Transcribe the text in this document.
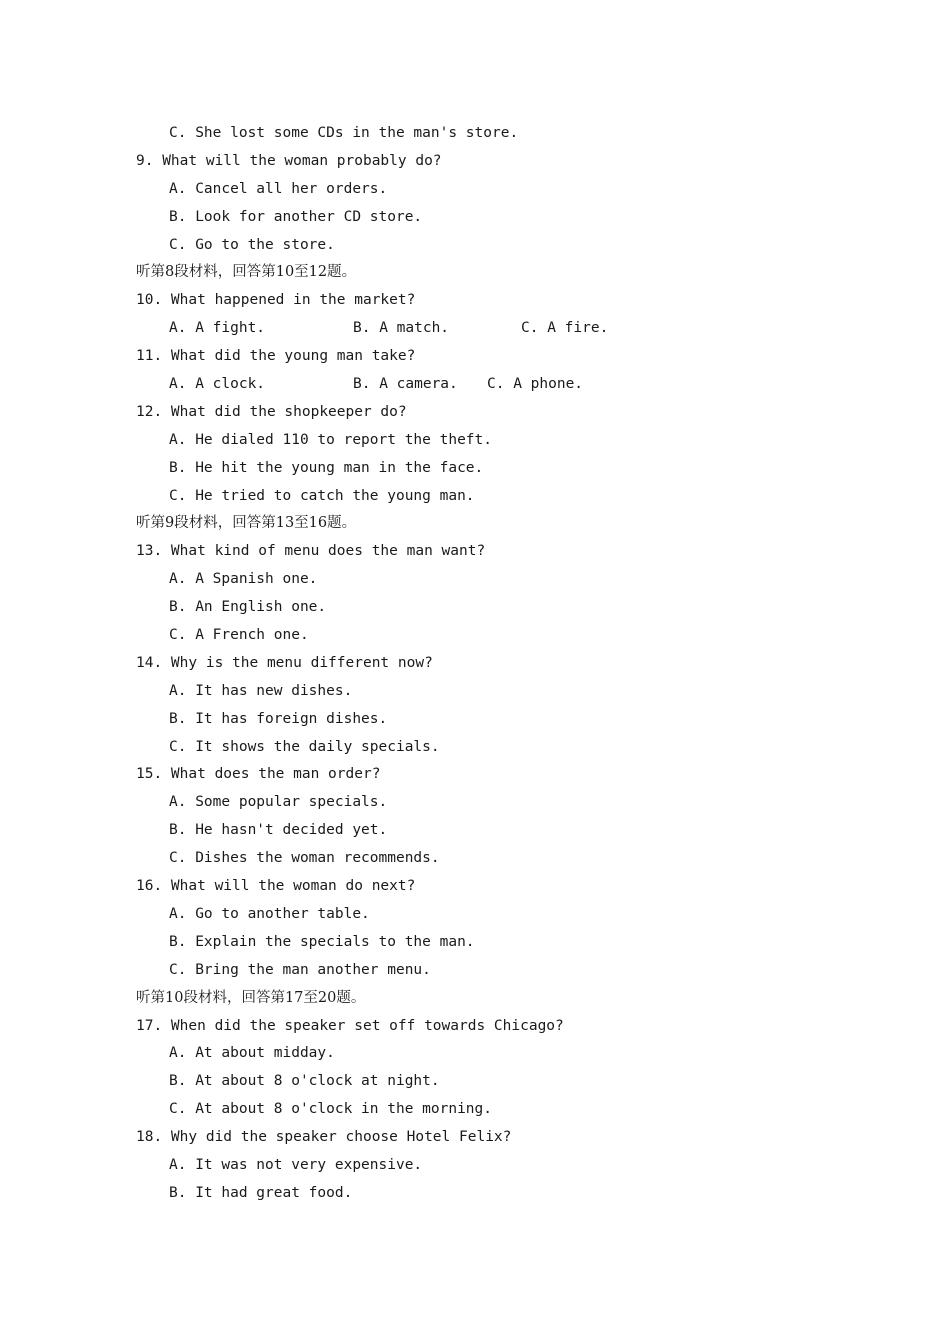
C. She lost some CDs in the man's store.
9. What will the woman probably do?
A. Cancel all her orders.
B. Look for another CD store.
C. Go to the store.
听第8段材料，回答第10至12题。
10. What happened in the market?
A. A fight.	B. A match.	C. A fire.
11. What did the young man take?
A. A clock.	B. A camera.	C. A phone.
12. What did the shopkeeper do?
A. He dialed 110 to report the theft.
B. He hit the young man in the face.
C. He tried to catch the young man.
听第9段材料，回答第13至16题。
13. What kind of menu does the man want?
A. A Spanish one.
B. An English one.
C. A French one.
14. Why is the menu different now?
A. It has new dishes.
B. It has foreign dishes.
C. It shows the daily specials.
15. What does the man order?
A. Some popular specials.
B. He hasn't decided yet.
C. Dishes the woman recommends.
16. What will the woman do next?
A. Go to another table.
B. Explain the specials to the man.
C. Bring the man another menu.
听第10段材料，回答第17至20题。
17. When did the speaker set off towards Chicago?
A. At about midday.
B. At about 8 o'clock at night.
C. At about 8 o'clock in the morning.
18. Why did the speaker choose Hotel Felix?
A. It was not very expensive.
B. It had great food.
